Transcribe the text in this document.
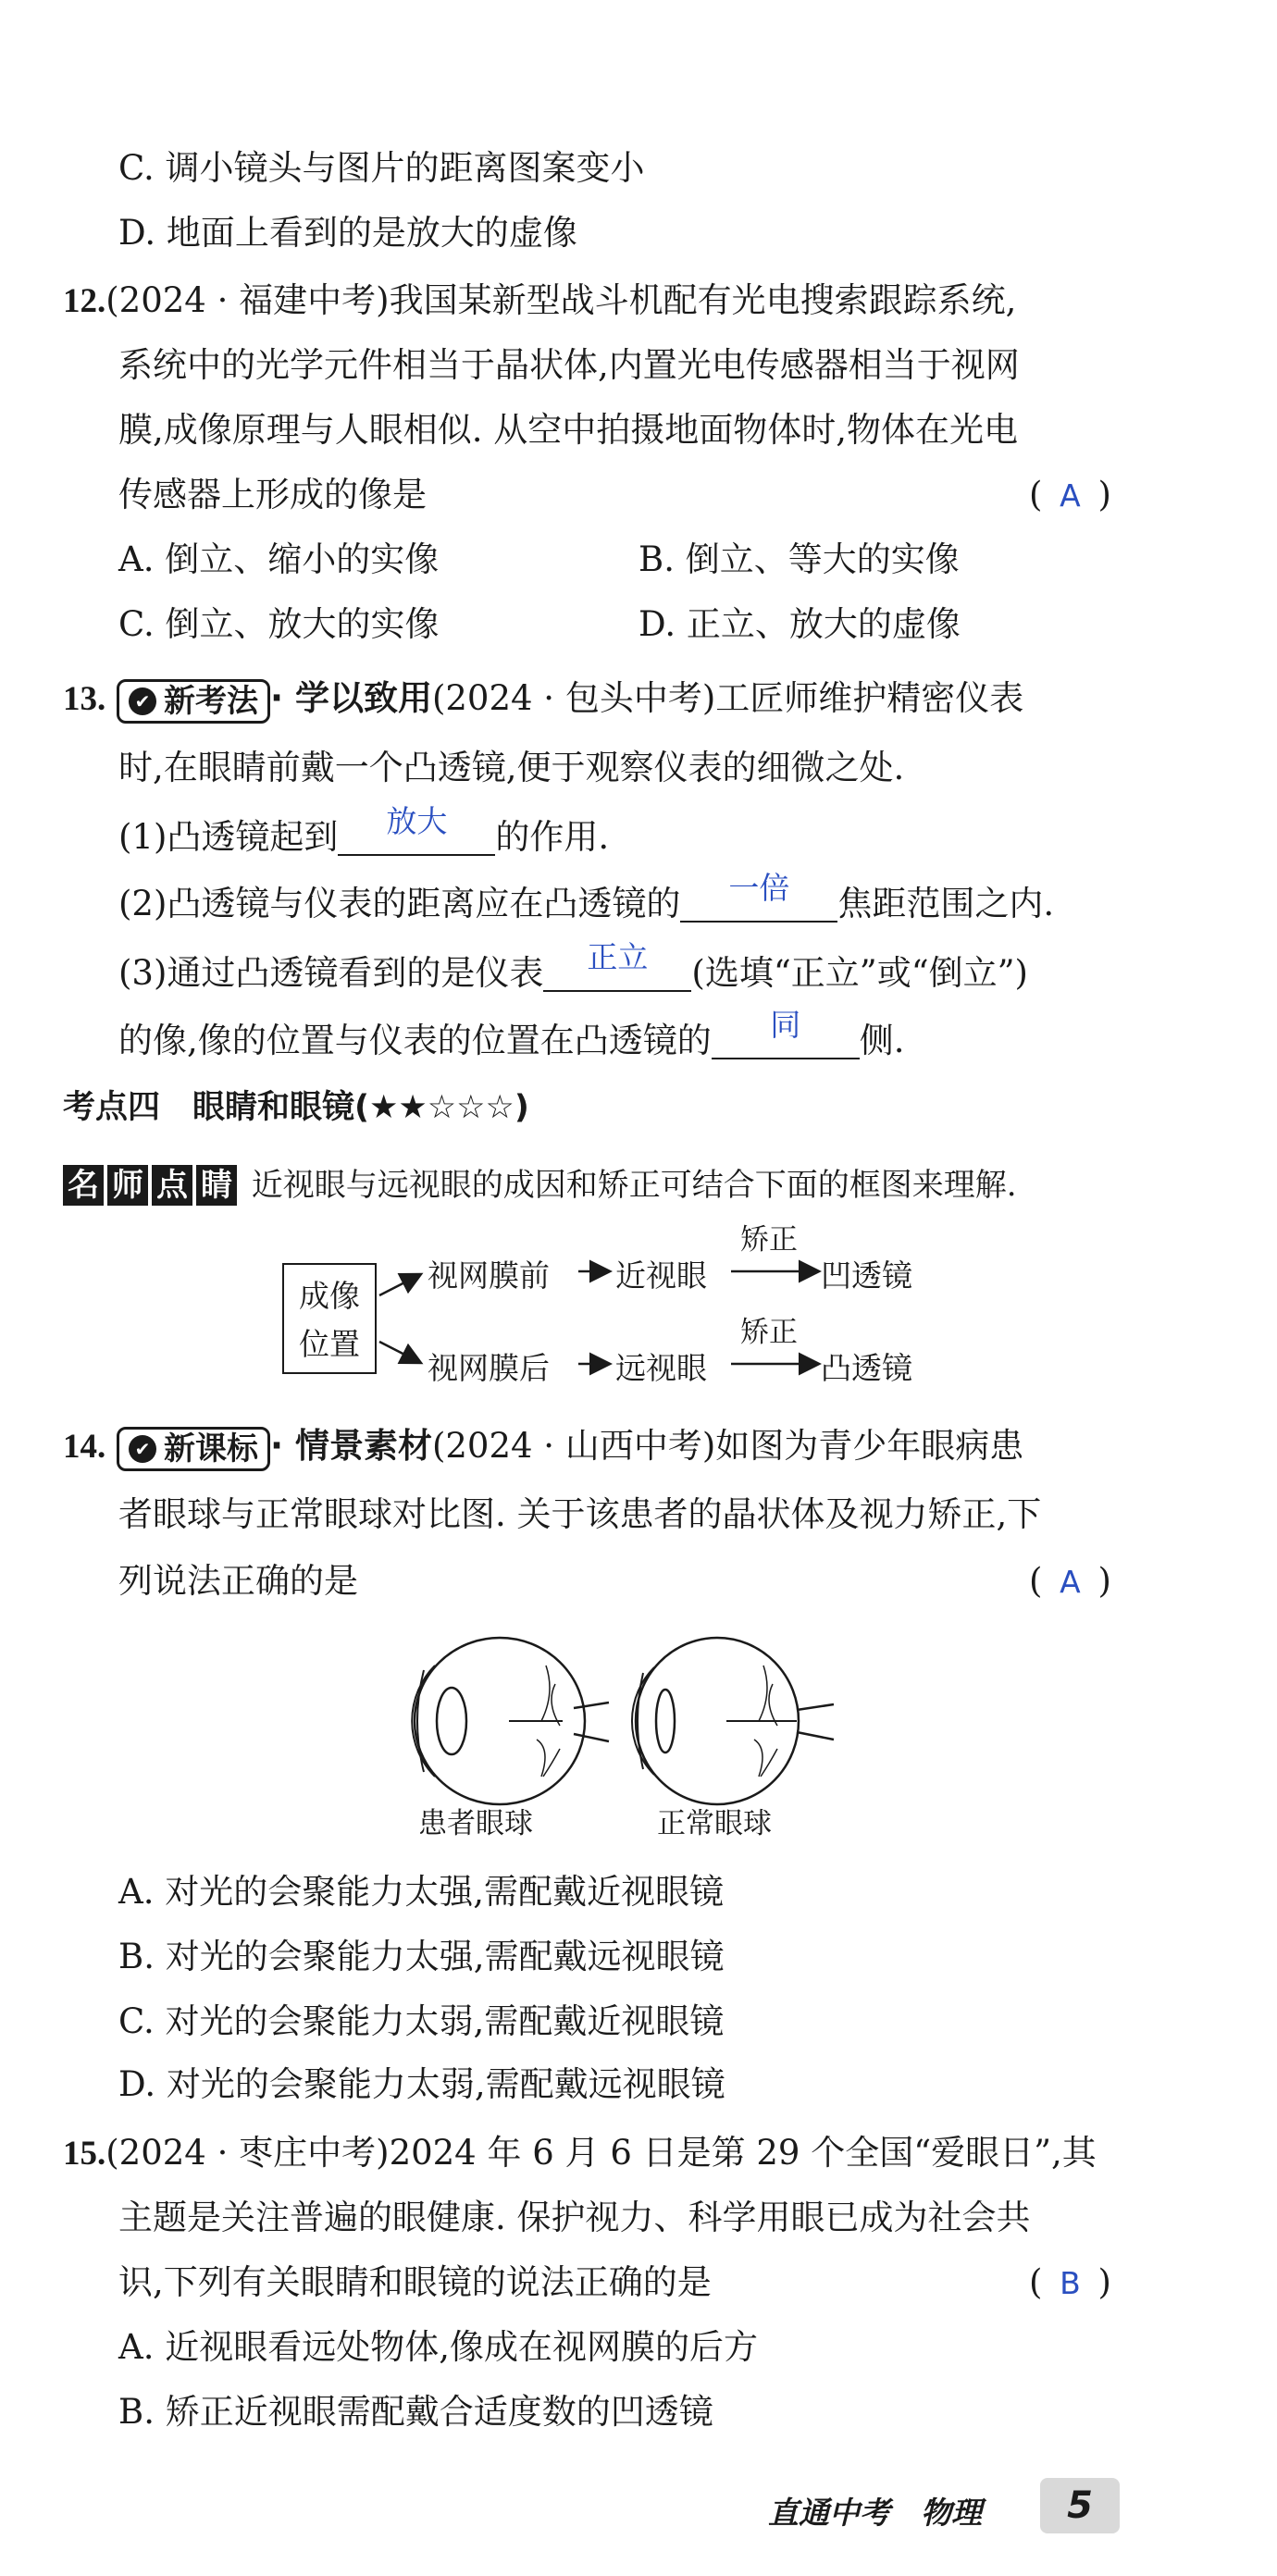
C. 调小镜头与图片的距离图案变小
D. 地面上看到的是放大的虚像
12.(2024 · 福建中考)我国某新型战斗机配有光电搜索跟踪系统,
系统中的光学元件相当于晶状体,内置光电传感器相当于视网
膜,成像原理与人眼相似. 从空中拍摄地面物体时,物体在光电
传感器上形成的像是	( A )
A. 倒立、缩小的实像	B. 倒立、等大的实像
C. 倒立、放大的实像	D. 正立、放大的虚像
13.	✔ 新考法 · 学以致用(2024 · 包头中考)工匠师维护精密仪表
时,在眼睛前戴一个凸透镜,便于观察仪表的细微之处.
(1)凸透镜起到 放大 的作用.
(2)凸透镜与仪表的距离应在凸透镜的 一倍 焦距范围之内.
(3)通过凸透镜看到的是仪表 正立 (选填“正立”或“倒立”)
的像,像的位置与仪表的位置在凸透镜的 同 侧.
考点四　眼睛和眼镜(★★☆☆☆)
名 师 点 睛 近视眼与远视眼的成因和矫正可结合下面的框图来理解.
成像
位置
视网膜前 近视眼
矫正
凹透镜
视网膜后 远视眼
矫正
凸透镜
14.	✔ 新课标 · 情景素材(2024 · 山西中考)如图为青少年眼病患
者眼球与正常眼球对比图. 关于该患者的晶状体及视力矫正,下
列说法正确的是	( A )
患者眼球	正常眼球
A. 对光的会聚能力太强,需配戴近视眼镜
B. 对光的会聚能力太强,需配戴远视眼镜
C. 对光的会聚能力太弱,需配戴近视眼镜
D. 对光的会聚能力太弱,需配戴远视眼镜
15.(2024 · 枣庄中考)2024 年 6 月 6 日是第 29 个全国“爱眼日”,其
主题是关注普遍的眼健康. 保护视力、科学用眼已成为社会共
识,下列有关眼睛和眼镜的说法正确的是	( B )
A. 近视眼看远处物体,像成在视网膜的后方
B. 矫正近视眼需配戴合适度数的凹透镜
直通中考　物理	5
